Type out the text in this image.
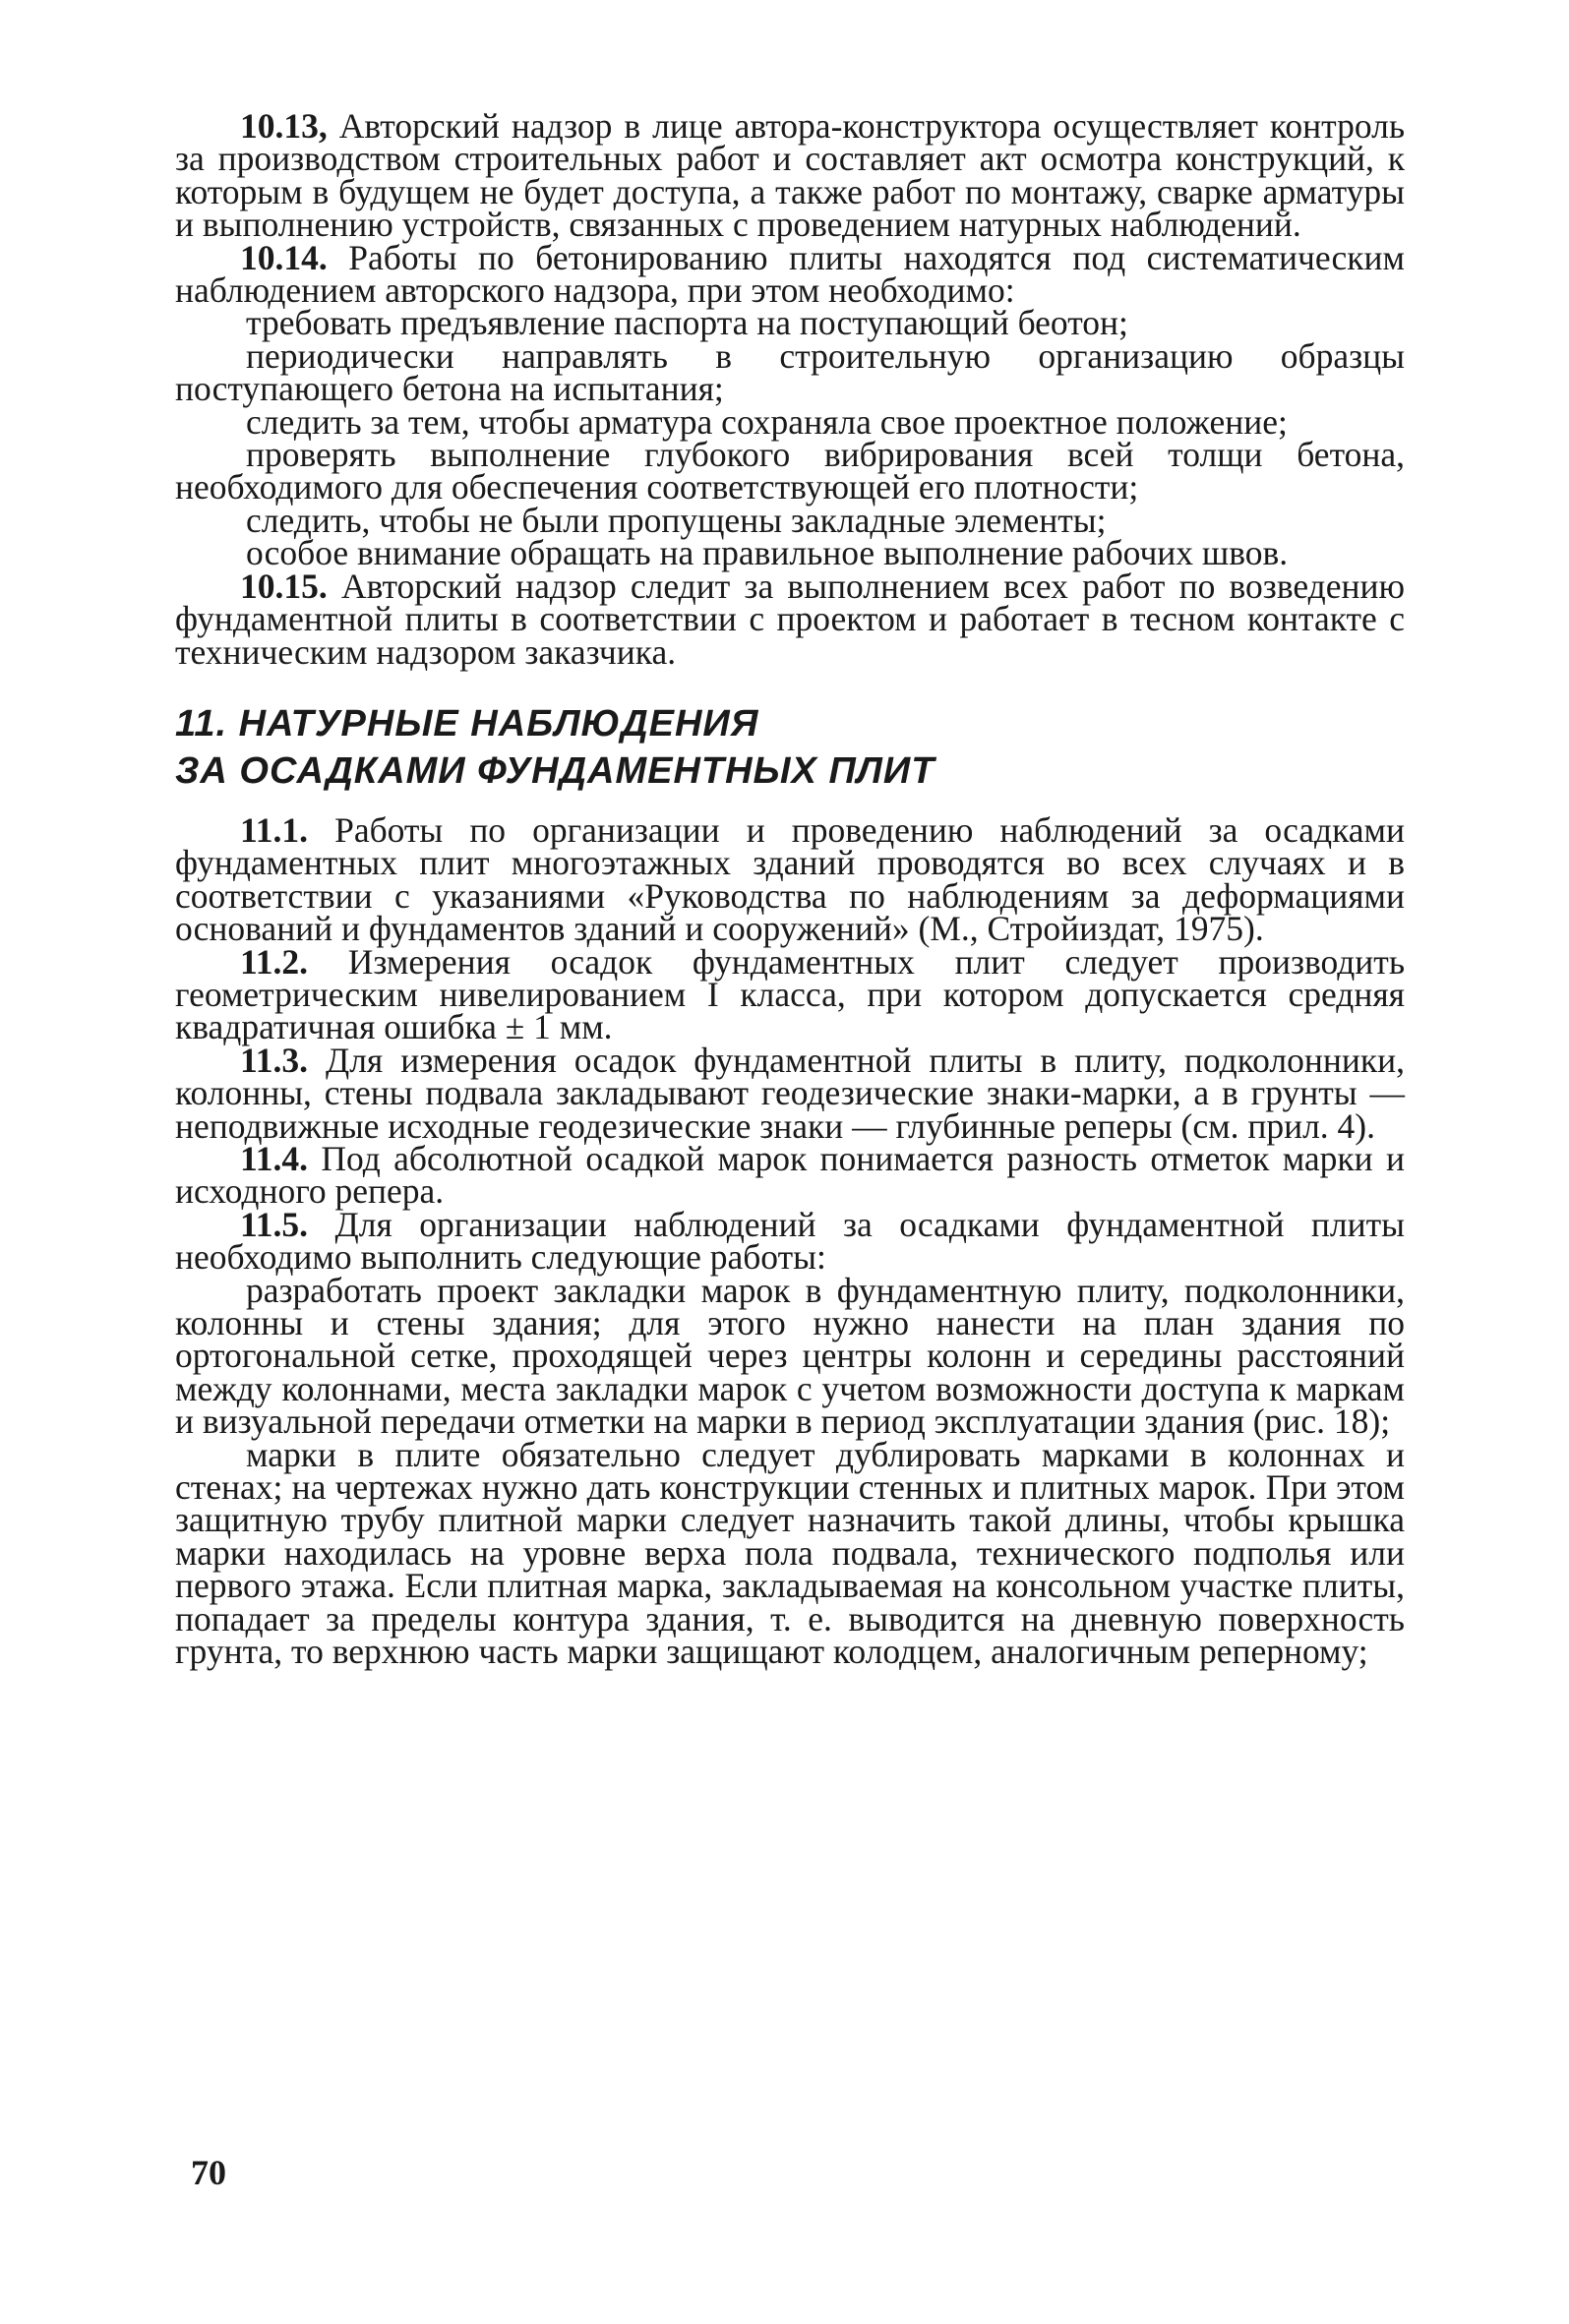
10.13, Авторский надзор в лице автора-конструктора осуществляет контроль за производством строительных работ и составляет акт осмотра конструкций, к которым в будущем не будет доступа, а также работ по монтажу, сварке арматуры и выполнению устройств, связанных с проведением натурных наблюдений.

10.14. Работы по бетонированию плиты находятся под систематическим наблюдением авторского надзора, при этом необходимо:

требовать предъявление паспорта на поступающий беотон;

периодически направлять в строительную организацию образцы поступающего бетона на испытания;

следить за тем, чтобы арматура сохраняла свое проектное положение;

проверять выполнение глубокого вибрирования всей толщи бетона, необходимого для обеспечения соответствующей его плотности;

следить, чтобы не были пропущены закладные элементы;

особое внимание обращать на правильное выполнение рабочих швов.

10.15. Авторский надзор следит за выполнением всех работ по возведению фундаментной плиты в соответствии с проектом и работает в тесном контакте с техническим надзором заказчика.

11. НАТУРНЫЕ НАБЛЮДЕНИЯ
ЗА ОСАДКАМИ ФУНДАМЕНТНЫХ ПЛИТ

11.1. Работы по организации и проведению наблюдений за осадками фундаментных плит многоэтажных зданий проводятся во всех случаях и в соответствии с указаниями «Руководства по наблюдениям за деформациями оснований и фундаментов зданий и сооружений» (М., Стройиздат, 1975).

11.2. Измерения осадок фундаментных плит следует производить геометрическим нивелированием I класса, при котором допускается средняя квадратичная ошибка ± 1 мм.

11.3. Для измерения осадок фундаментной плиты в плиту, подколонники, колонны, стены подвала закладывают геодезические знаки-марки, а в грунты — неподвижные исходные геодезические знаки — глубинные реперы (см. прил. 4).

11.4. Под абсолютной осадкой марок понимается разность отметок марки и исходного репера.

11.5. Для организации наблюдений за осадками фундаментной плиты необходимо выполнить следующие работы:

разработать проект закладки марок в фундаментную плиту, подколонники, колонны и стены здания; для этого нужно нанести на план здания по ортогональной сетке, проходящей через центры колонн и середины расстояний между колоннами, места закладки марок с учетом возможности доступа к маркам и визуальной передачи отметки на марки в период эксплуатации здания (рис. 18);

марки в плите обязательно следует дублировать марками в колоннах и стенах; на чертежах нужно дать конструкции стенных и плитных марок. При этом защитную трубу плитной марки следует назначить такой длины, чтобы крышка марки находилась на уровне верха пола подвала, технического подполья или первого этажа. Если плитная марка, закладываемая на консольном участке плиты, попадает за пределы контура здания, т. е. выводится на дневную поверхность грунта, то верхнюю часть марки защищают колодцем, аналогичным реперному;

70
